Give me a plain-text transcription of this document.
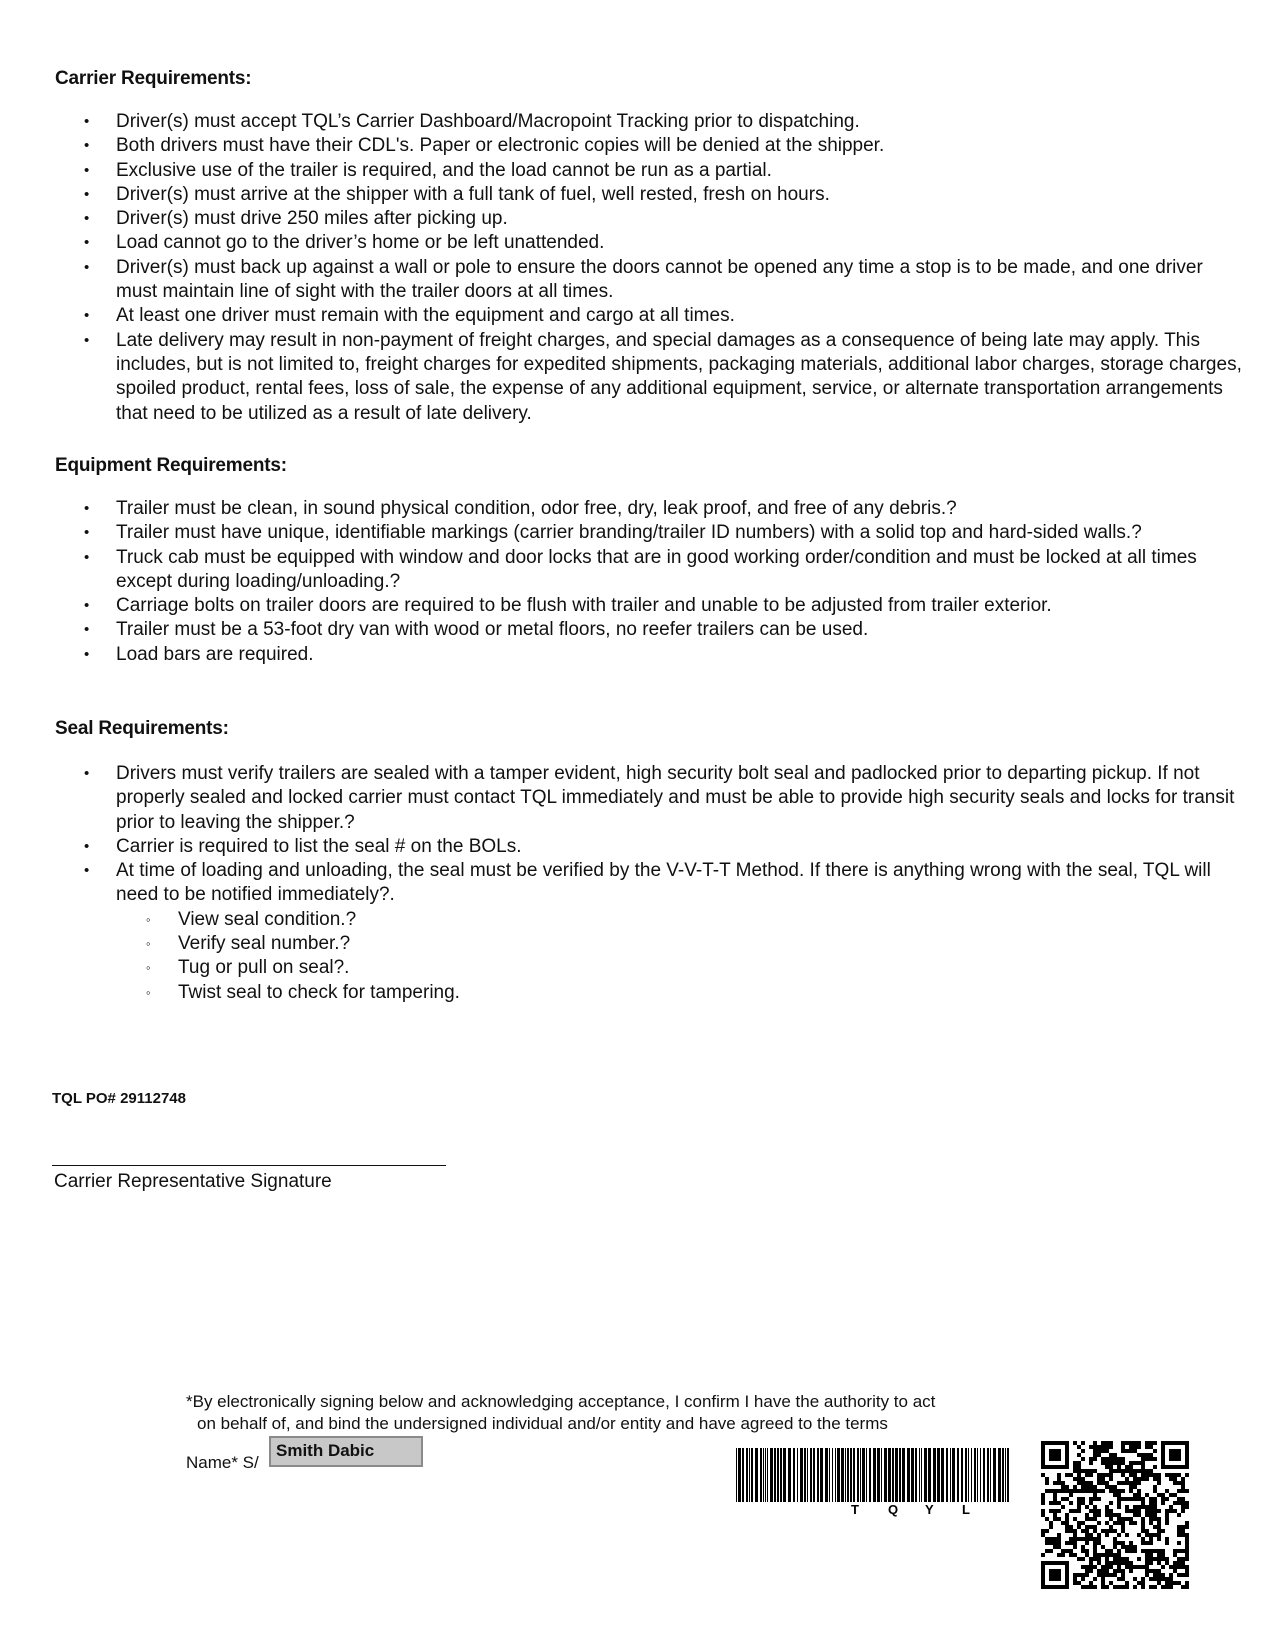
Carrier Requirements:
• Driver(s) must accept TQL’s Carrier Dashboard/Macropoint Tracking prior to dispatching.
• Both drivers must have their CDL's. Paper or electronic copies will be denied at the shipper.
• Exclusive use of the trailer is required, and the load cannot be run as a partial.
• Driver(s) must arrive at the shipper with a full tank of fuel, well rested, fresh on hours.
• Driver(s) must drive 250 miles after picking up.
• Load cannot go to the driver’s home or be left unattended.
• Driver(s) must back up against a wall or pole to ensure the doors cannot be opened any time a stop is to be made, and one driver must maintain line of sight with the trailer doors at all times.
• At least one driver must remain with the equipment and cargo at all times.
• Late delivery may result in non-payment of freight charges, and special damages as a consequence of being late may apply. This includes, but is not limited to, freight charges for expedited shipments, packaging materials, additional labor charges, storage charges, spoiled product, rental fees, loss of sale, the expense of any additional equipment, service, or alternate transportation arrangements that need to be utilized as a result of late delivery.
Equipment Requirements:
• Trailer must be clean, in sound physical condition, odor free, dry, leak proof, and free of any debris.?
• Trailer must have unique, identifiable markings (carrier branding/trailer ID numbers) with a solid top and hard-sided walls.?
• Truck cab must be equipped with window and door locks that are in good working order/condition and must be locked at all times except during loading/unloading.?
• Carriage bolts on trailer doors are required to be flush with trailer and unable to be adjusted from trailer exterior.
• Trailer must be a 53-foot dry van with wood or metal floors, no reefer trailers can be used.
• Load bars are required.
Seal Requirements:
• Drivers must verify trailers are sealed with a tamper evident, high security bolt seal and padlocked prior to departing pickup. If not properly sealed and locked carrier must contact TQL immediately and must be able to provide high security seals and locks for transit prior to leaving the shipper.?
• Carrier is required to list the seal # on the BOLs.
• At time of loading and unloading, the seal must be verified by the V-V-T-T Method. If there is anything wrong with the seal, TQL will need to be notified immediately?.
◦ View seal condition.?
◦ Verify seal number.?
◦ Tug or pull on seal?.
◦ Twist seal to check for tampering.
TQL PO# 29112748
Carrier Representative Signature
*By electronically signing below and acknowledging acceptance, I confirm I have the authority to act
on behalf of, and bind the undersigned individual and/or entity and have agreed to the terms
Name* S/
Smith Dabic
T Q Y L
